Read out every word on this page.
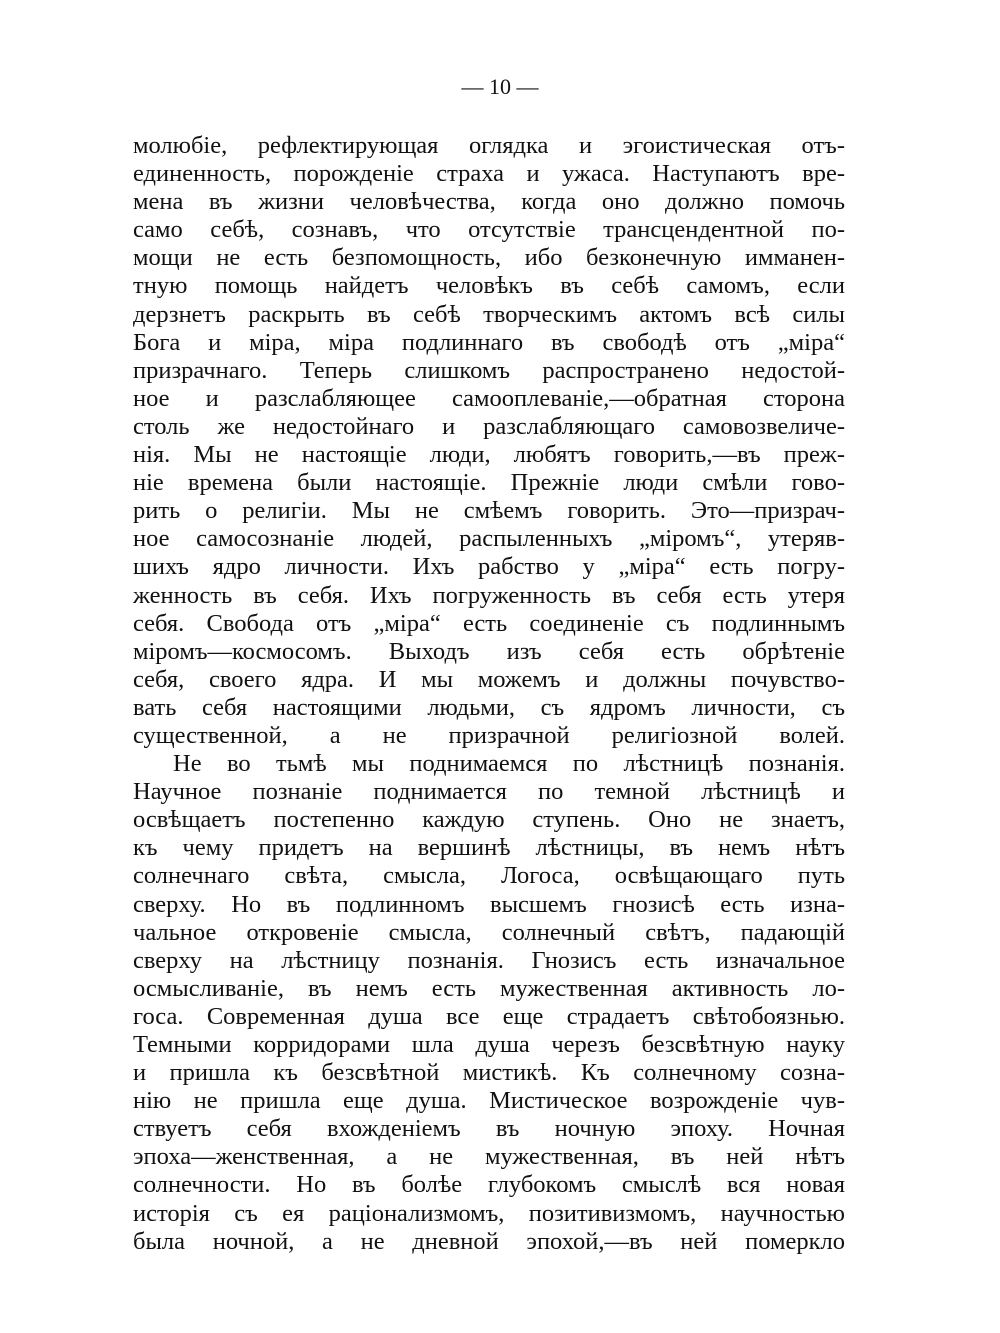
— 10 —
молюбіе, рефлектирующая оглядка и эгоистическая отъ-
единенность, порожденіе страха и ужаса. Наступаютъ вре-
мена въ жизни человѣчества, когда оно должно помочь
само себѣ, сознавъ, что отсутствіе трансцендентной по-
мощи не есть безпомощность, ибо безконечную имманен-
тную помощь найдетъ человѣкъ въ себѣ самомъ, если
дерзнетъ раскрыть въ себѣ творческимъ актомъ всѣ силы
Бога и міра, міра подлиннаго въ свободѣ отъ „міра“
призрачнаго. Теперь слишкомъ распространено недостой-
ное и разслабляющее самооплеваніе,—обратная сторона
столь же недостойнаго и разслабляющаго самовозвеличе-
нія. Мы не настоящіе люди, любятъ говорить,—въ преж-
ніе времена были настоящіе. Прежніе люди смѣли гово-
рить о религіи. Мы не смѣемъ говорить. Это—призрач-
ное самосознаніе людей, распыленныхъ „міромъ“, утеряв-
шихъ ядро личности. Ихъ рабство у „міра“ есть погру-
женность въ себя. Ихъ погруженность въ себя есть утеря
себя. Свобода отъ „міра“ есть соединеніе съ подлиннымъ
міромъ—космосомъ. Выходъ изъ себя есть обрѣтеніе
себя, своего ядра. И мы можемъ и должны почувство-
вать себя настоящими людьми, съ ядромъ личности, съ
существенной, а не призрачной религіозной волей.
Не во тьмѣ мы поднимаемся по лѣстницѣ познанія.
Научное познаніе поднимается по темной лѣстницѣ и
освѣщаетъ постепенно каждую ступень. Оно не знаетъ,
къ чему придетъ на вершинѣ лѣстницы, въ немъ нѣтъ
солнечнаго свѣта, смысла, Логоса, освѣщающаго путь
сверху. Но въ подлинномъ высшемъ гнозисѣ есть изна-
чальное откровеніе смысла, солнечный свѣтъ, падающій
сверху на лѣстницу познанія. Гнозисъ есть изначальное
осмысливаніе, въ немъ есть мужественная активность ло-
госа. Современная душа все еще страдаетъ свѣтобоязнью.
Темными корридорами шла душа черезъ безсвѣтную науку
и пришла къ безсвѣтной мистикѣ. Къ солнечному созна-
нію не пришла еще душа. Мистическое возрожденіе чув-
ствуетъ себя вхожденіемъ въ ночную эпоху. Ночная
эпоха—женственная, а не мужественная, въ ней нѣтъ
солнечности. Но въ болѣе глубокомъ смыслѣ вся новая
исторія съ ея раціонализмомъ, позитивизмомъ, научностью
была ночной, а не дневной эпохой,—въ ней померкло
